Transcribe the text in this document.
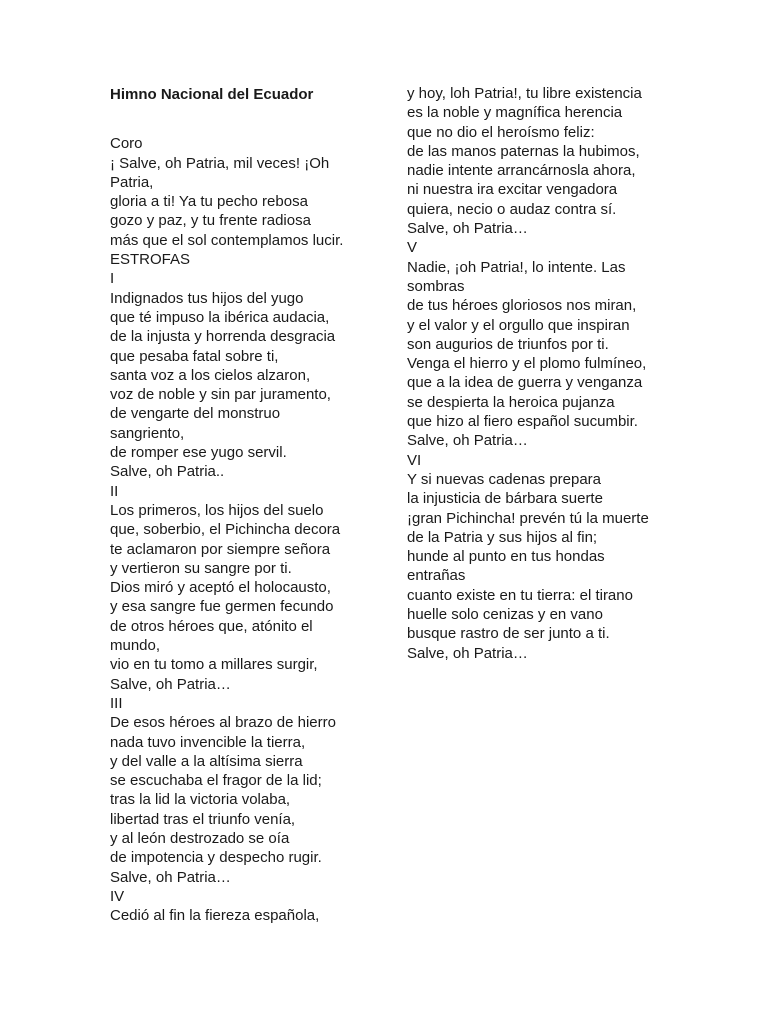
Himno Nacional del Ecuador
Coro
¡ Salve, oh Patria, mil veces! ¡Oh
Patria,
gloria a ti! Ya tu pecho rebosa
gozo y paz, y tu frente radiosa
más que el sol contemplamos lucir.
ESTROFAS
I
Indignados tus hijos del yugo
que té impuso la ibérica audacia,
de la injusta y horrenda desgracia
que pesaba fatal sobre ti,
santa voz a los cielos alzaron,
voz de noble y sin par juramento,
de vengarte del monstruo
sangriento,
de romper ese yugo servil.
Salve, oh Patria..
II
Los primeros, los hijos del suelo
que, soberbio, el Pichincha decora
te aclamaron por siempre señora
y vertieron su sangre por ti.
Dios miró y aceptó el holocausto,
y esa sangre fue germen fecundo
de otros héroes que, atónito el
mundo,
vio en tu tomo a millares surgir,
Salve, oh Patria…
III
De esos héroes al brazo de hierro
nada tuvo invencible la tierra,
y del valle a la altísima sierra
se escuchaba el fragor de la lid;
tras la lid la victoria volaba,
libertad tras el triunfo venía,
y al león destrozado se oía
de impotencia y despecho rugir.
Salve, oh Patria…
IV
Cedió al fin la fiereza española,
y hoy, loh Patria!, tu libre existencia
es la noble y magnífica herencia
que no dio el heroísmo feliz:
de las manos paternas la hubimos,
nadie intente arrancárnosla ahora,
ni nuestra ira excitar vengadora
quiera, necio o audaz contra sí.
Salve, oh Patria…
V
Nadie, ¡oh Patria!, lo intente. Las
sombras
de tus héroes gloriosos nos miran,
y el valor y el orgullo que inspiran
son augurios de triunfos por ti.
Venga el hierro y el plomo fulmíneo,
que a la idea de guerra y venganza
se despierta la heroica pujanza
que hizo al fiero español sucumbir.
Salve, oh Patria…
VI
Y si nuevas cadenas prepara
la injusticia de bárbara suerte
¡gran Pichincha! prevén tú la muerte
de la Patria y sus hijos al fin;
hunde al punto en tus hondas
entrañas
cuanto existe en tu tierra: el tirano
huelle solo cenizas y en vano
busque rastro de ser junto a ti.
Salve, oh Patria…
